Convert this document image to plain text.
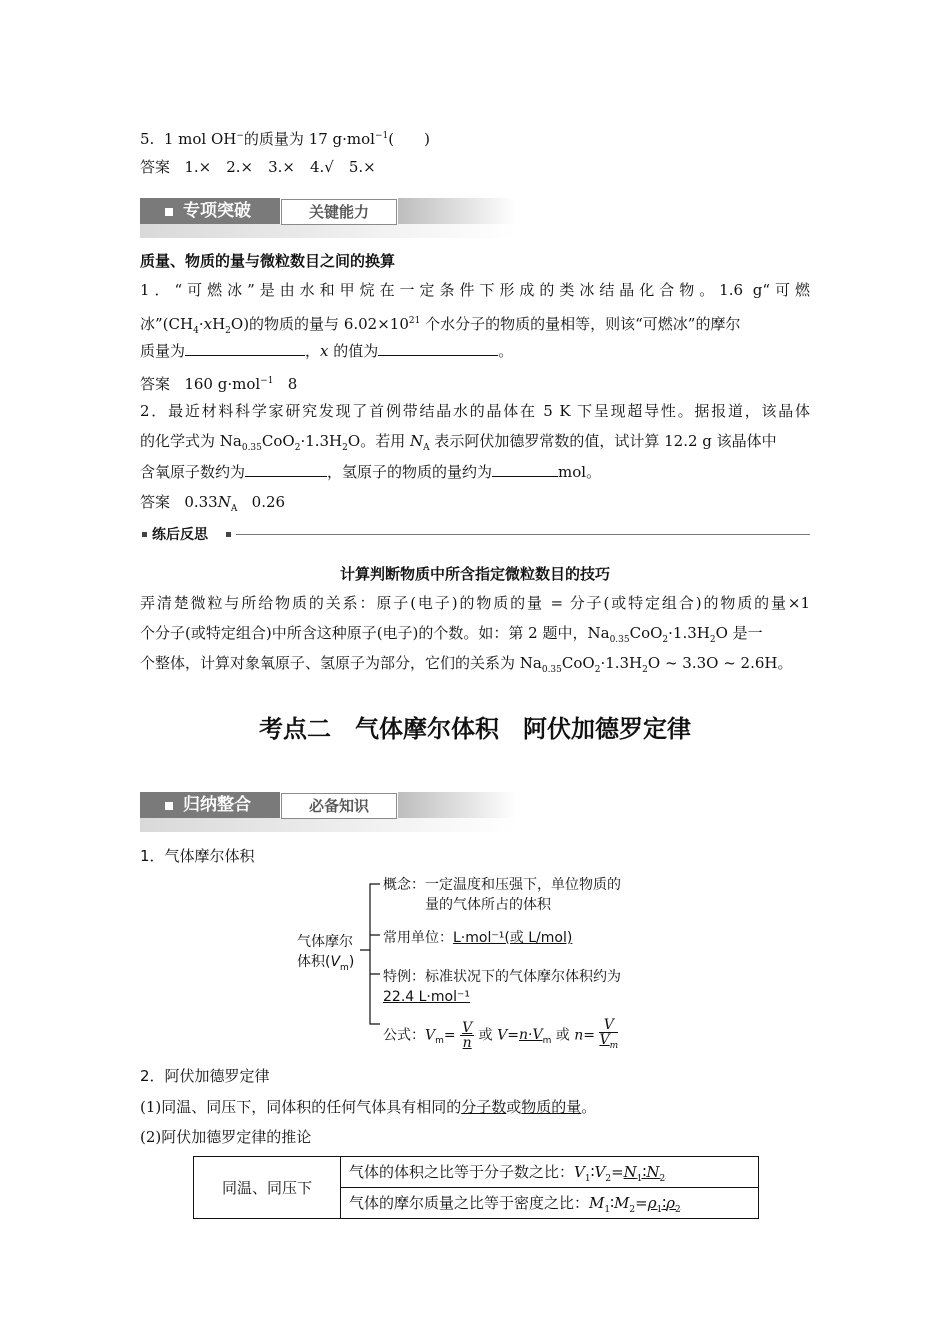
5. 1 mol OH−的质量为 17 g·mol$^{-1}$(　　)
答案 1.×　2.×　3.×　4.√　5.×
专项突破	关键能力
质量、物质的量与微粒数目之间的换算
1．“可燃冰”是由水和甲烷在一定条件下形成的类冰结晶化合物。1.6 g“可燃
冰$”(CH_4\cdot xH_2O)$的物质的量与 $6.02\times 10^{21}$ 个水分子的物质的量相等，则该“可燃冰”的摩尔
质量为	，x 的值为	。
答案 160 g·mol$^{-1}$ 8
2．最近材料科学家研究发现了首例带结晶水的晶体在 5 K 下呈现超导性。据报道，该晶体
的化学式为 $Na_{0.35}CoO_2\cdot 1.3H_2O$。若用 $N_A$ 表示阿伏加德罗常数的值，试计算 12.2 g 该晶体中
含氧原子数约为	，氢原子的物质的量约为	mol。
答案 $0.33N_A$ 0.26
练后反思
计算判断物质中所含指定微粒数目的技巧
弄清楚微粒与所给物质的关系：原子(电子)的物质的量 = 分子(或特定组合)的物质的量×1
个分子(或特定组合)中所含这种原子(电子)的个数。如：第 2 题中，$Na_{0.35}CoO_2\cdot 1.3H_2O$ 是一
个整体，计算对象氧原子、氢原子为部分，它们的关系为 $Na_{0.35}CoO_2\cdot 1.3H_2O$ ~ 3.3O ~ 2.6H。
考点二　气体摩尔体积　阿伏加德罗定律
归纳整合	必备知识
1．气体摩尔体积
气体摩尔
体积$(V_m)$
概念：一定温度和压强下，单位物质的
量的气体所占的体积
常用单位：L·mol⁻¹(或 L/mol)
特例：标准状况下的气体摩尔体积约为
22.4 L·mol⁻¹
公式：$V_m= \frac{V}{n}$ 或 $V=n\cdot V_m$ 或 $n= \frac{V}{V_m}$
2．阿伏加德罗定律
(1)同温、同压下，同体积的任何气体具有相同的分子数或物质的量。
(2)阿伏加德罗定律的推论
同温、同压下	气体的体积之比等于分子数之比：$V_1∶V_2=N_1∶N_2$
气体的摩尔质量之比等于密度之比：$M_1∶M_2=\rho_1∶\rho_2$
